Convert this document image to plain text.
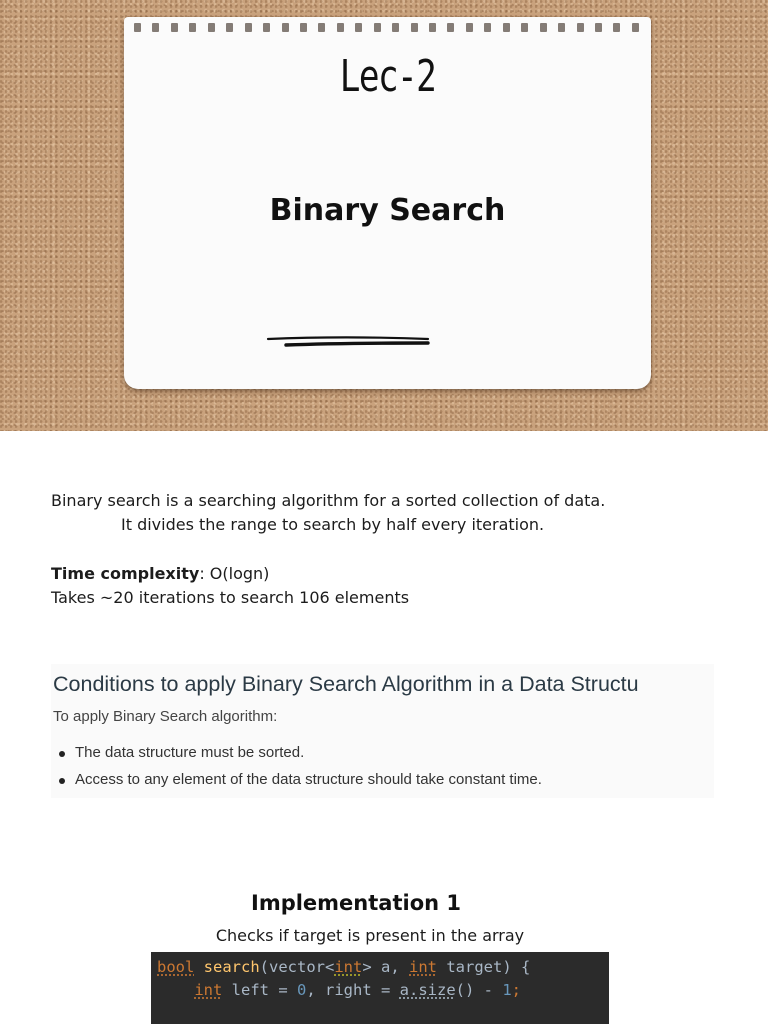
Lec-2
Binary Search
Binary search is a searching algorithm for a sorted collection of data.
It divides the range to search by half every iteration.
Time complexity: O(logn)
Takes ~20 iterations to search 106 elements
Conditions to apply Binary Search Algorithm in a Data Structu
To apply Binary Search algorithm:
The data structure must be sorted.
Access to any element of the data structure should take constant time.
Implementation 1
Checks if target is present in the array
bool search(vector<int> a, int target) {
int left = 0, right = a.size() - 1;
